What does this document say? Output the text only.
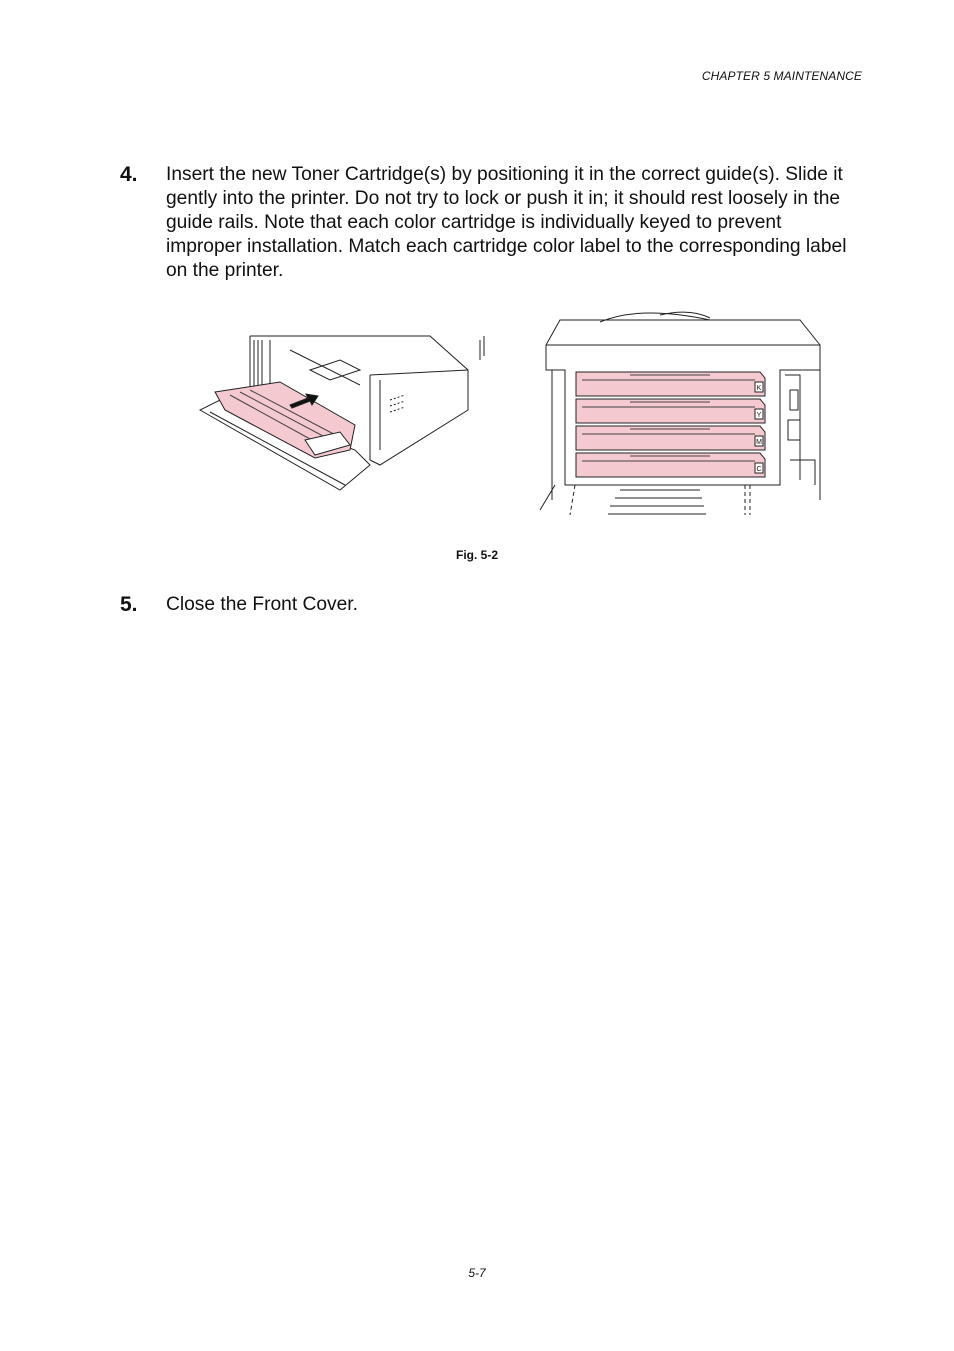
CHAPTER 5 MAINTENANCE
4. Insert the new Toner Cartridge(s) by positioning it in the correct guide(s). Slide it gently into the printer. Do not try to lock or push it in; it should rest loosely in the guide rails. Note that each color cartridge is individually keyed to prevent improper installation. Match each cartridge color label to the corresponding label on the printer.
K
Y
M
C
Fig. 5-2
5. Close the Front Cover.
5-7
